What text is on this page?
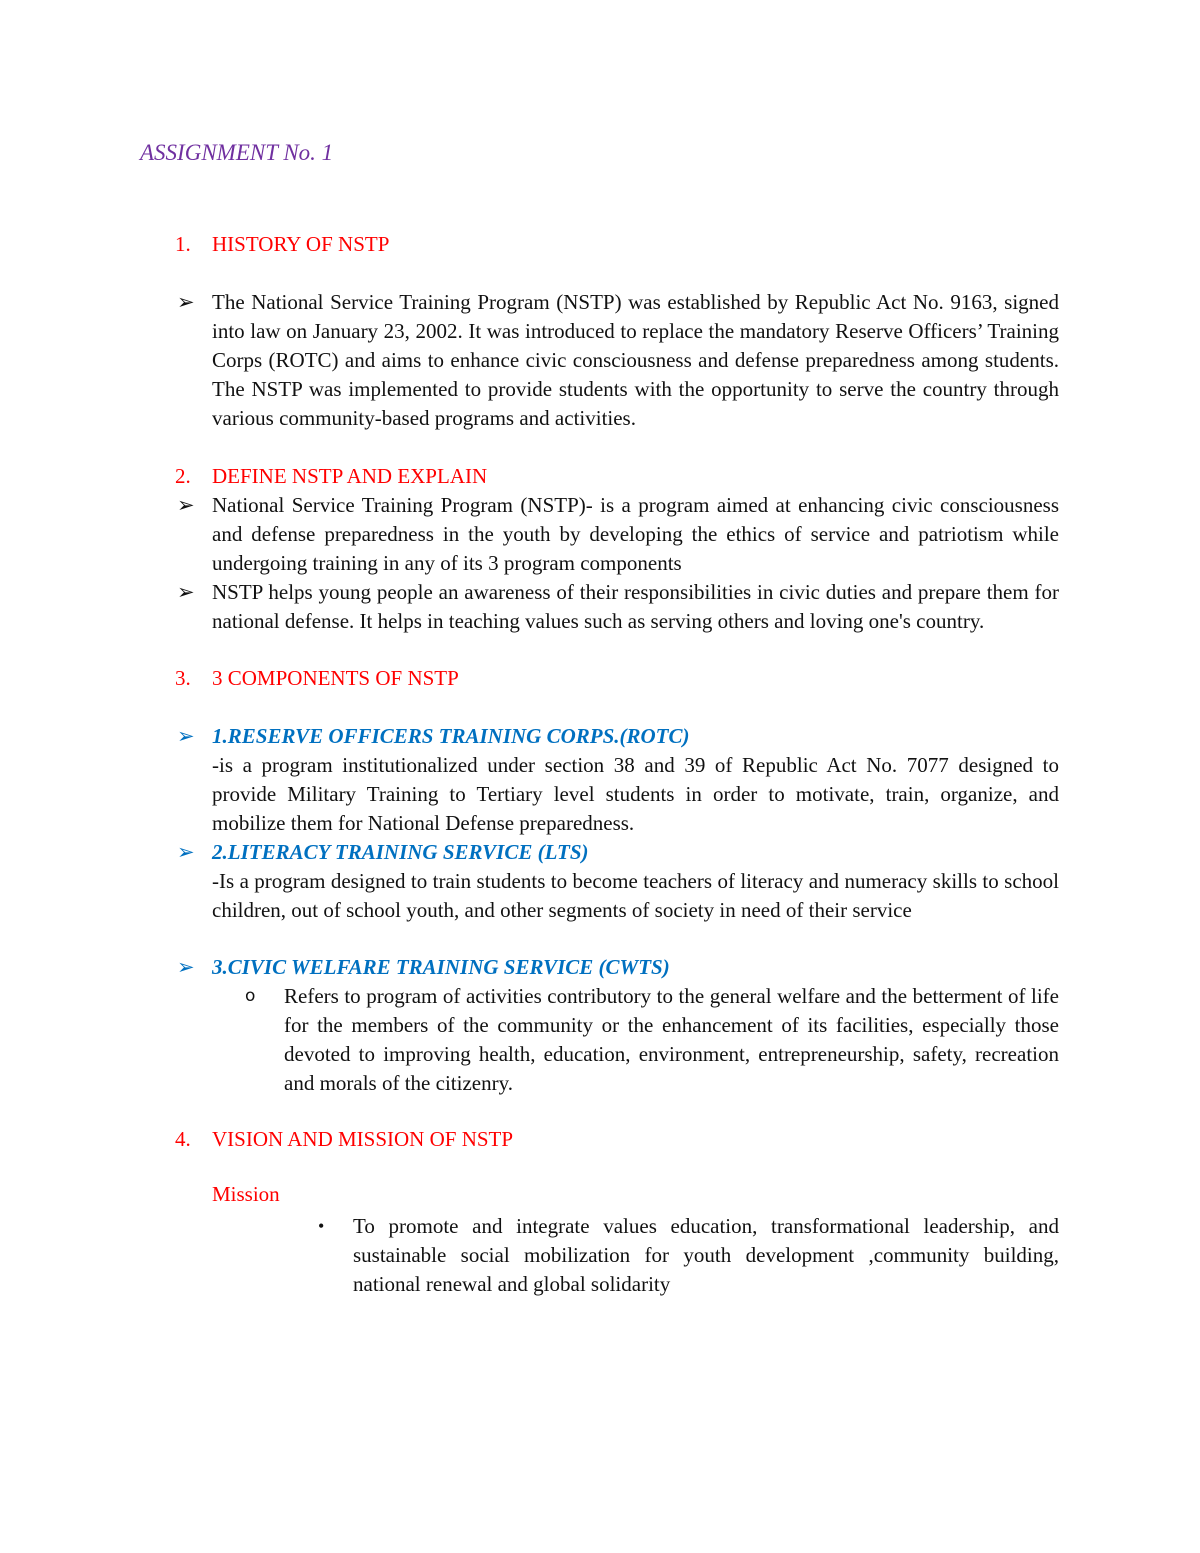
ASSIGNMENT No. 1
1. HISTORY OF NSTP
➢ The National Service Training Program (NSTP) was established by Republic Act No. 9163, signed into law on January 23, 2002. It was introduced to replace the mandatory Reserve Officers’ Training Corps (ROTC) and aims to enhance civic consciousness and defense preparedness among students. The NSTP was implemented to provide students with the opportunity to serve the country through various community-based programs and activities.
2. DEFINE NSTP AND EXPLAIN
➢ National Service Training Program (NSTP)- is a program aimed at enhancing civic consciousness and defense preparedness in the youth by developing the ethics of service and patriotism while undergoing training in any of its 3 program components
➢ NSTP helps young people an awareness of their responsibilities in civic duties and prepare them for national defense. It helps in teaching values such as serving others and loving one's country.
3. 3 COMPONENTS OF NSTP
➢ 1.RESERVE OFFICERS TRAINING CORPS.(ROTC)
-is a program institutionalized under section 38 and 39 of Republic Act No. 7077 designed to provide Military Training to Tertiary level students in order to motivate, train, organize, and mobilize them for National Defense preparedness.
➢ 2.LITERACY TRAINING SERVICE (LTS)
-Is a program designed to train students to become teachers of literacy and numeracy skills to school children, out of school youth, and other segments of society in need of their service
➢ 3.CIVIC WELFARE TRAINING SERVICE (CWTS)
o Refers to program of activities contributory to the general welfare and the betterment of life for the members of the community or the enhancement of its facilities, especially those devoted to improving health, education, environment, entrepreneurship, safety, recreation and morals of the citizenry.
4. VISION AND MISSION OF NSTP
Mission
• To promote and integrate values education, transformational leadership, and sustainable social mobilization for youth development ,community building, national renewal and global solidarity
